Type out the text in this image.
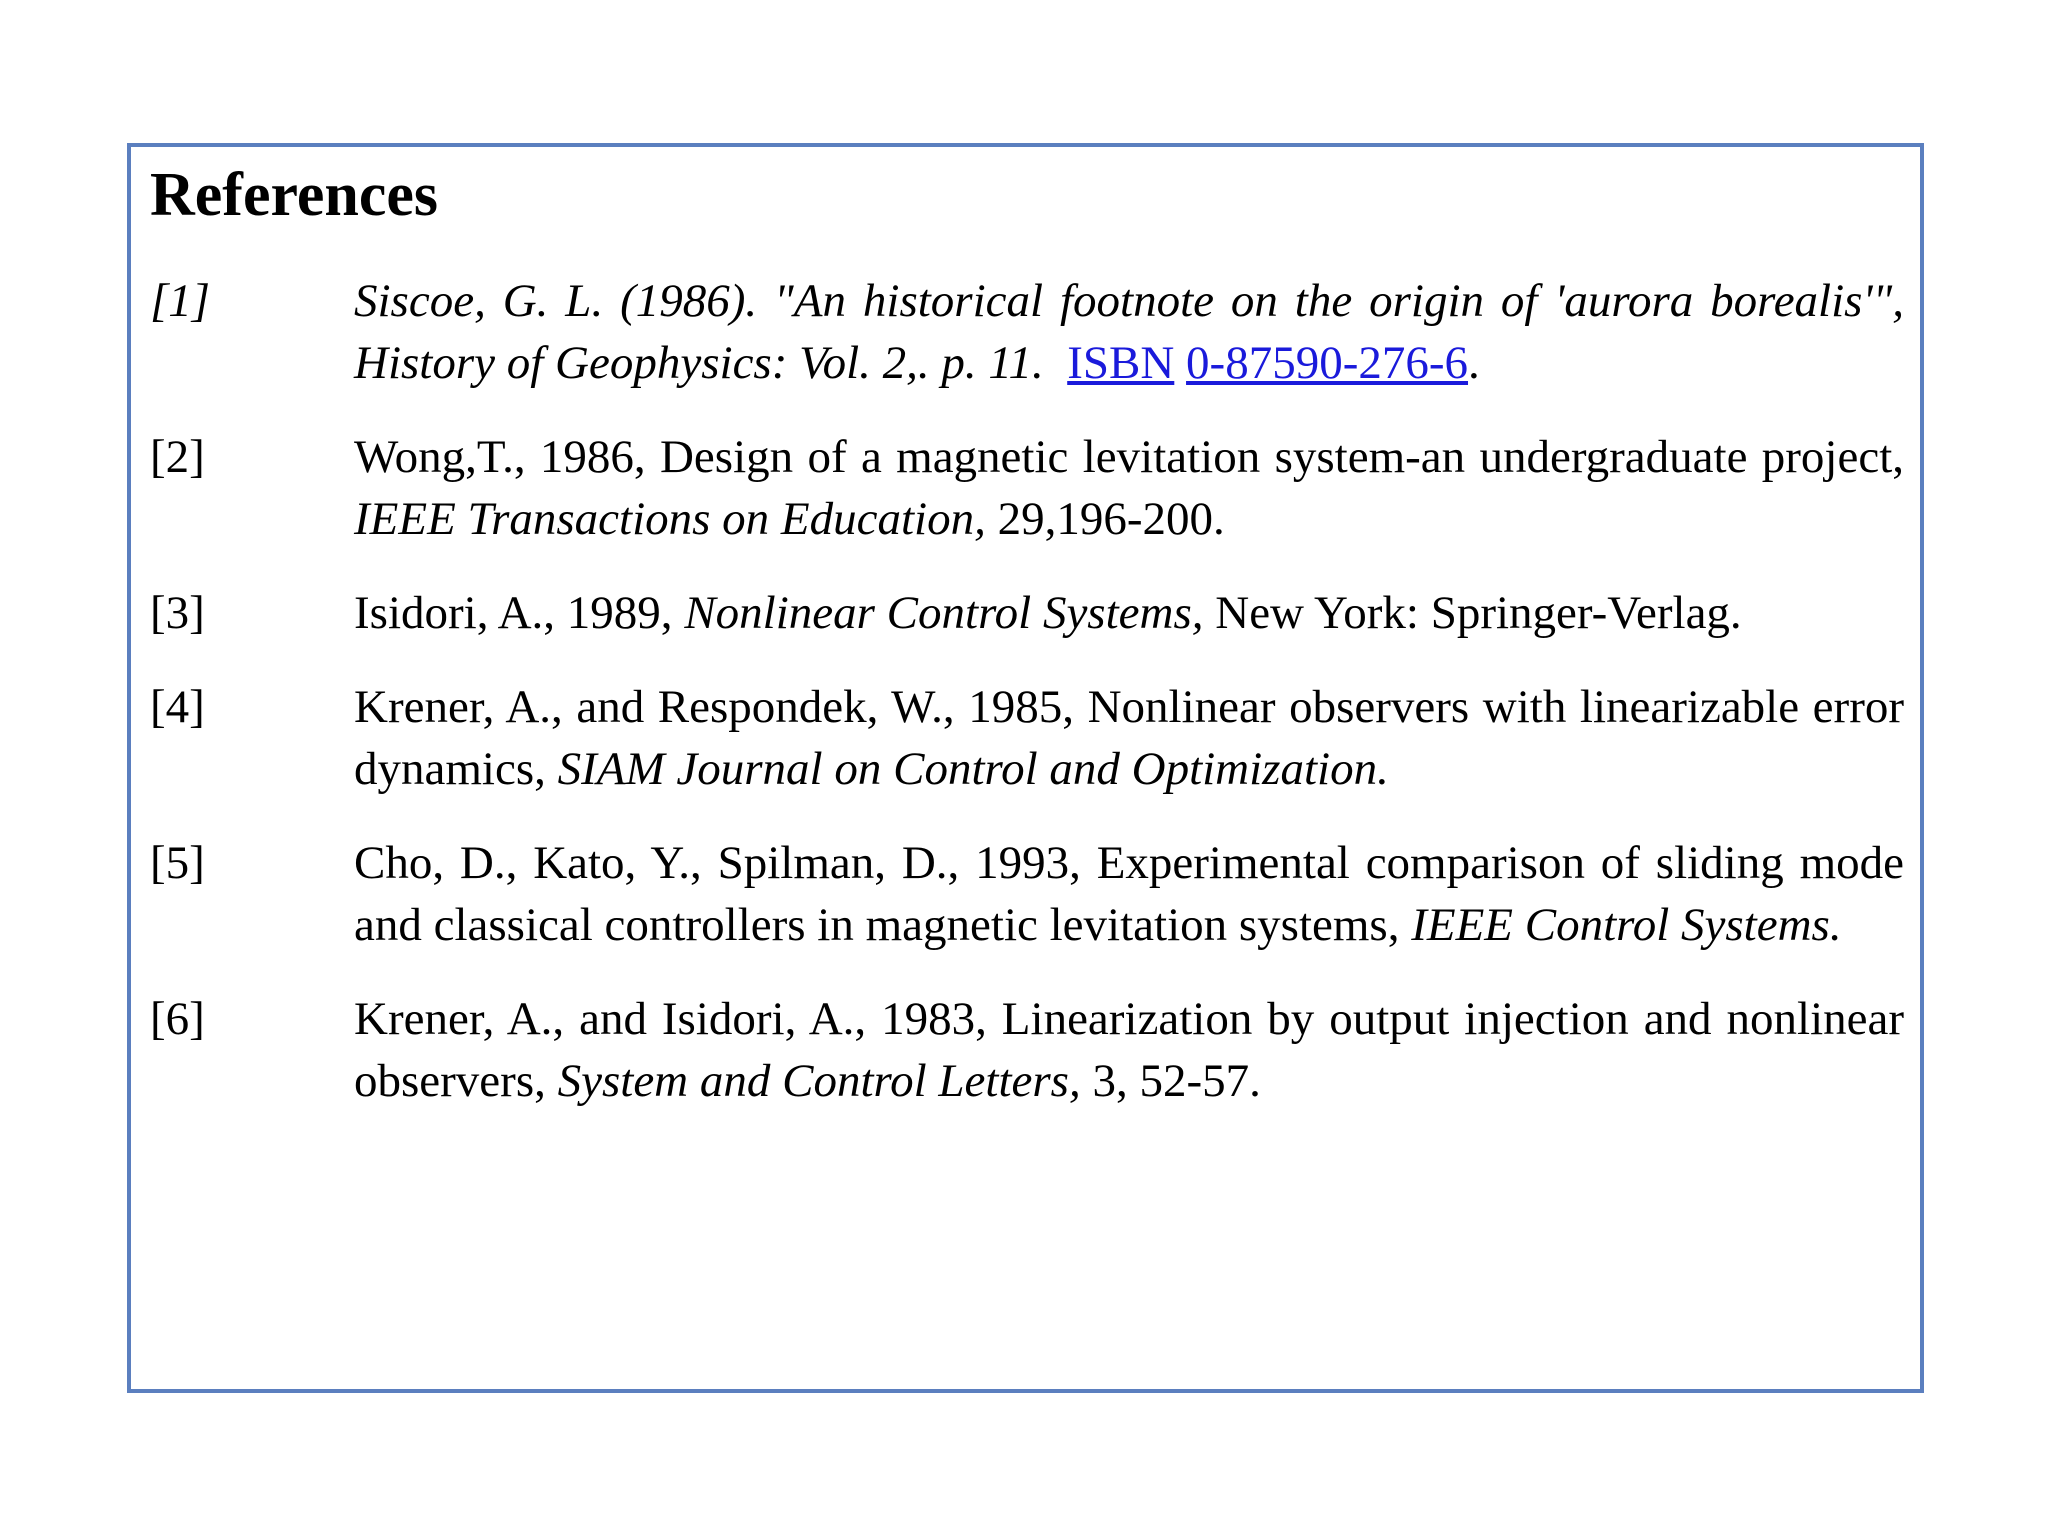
References
[1]	Siscoe, G. L. (1986). "An historical footnote on the origin of 'aurora borealis'", History of Geophysics: Vol. 2,. p. 11. ISBN 0-87590-276-6.
[2]	Wong,T., 1986, Design of a magnetic levitation system-an undergraduate project, IEEE Transactions on Education, 29,196-200.
[3]	Isidori, A., 1989, Nonlinear Control Systems, New York: Springer-Verlag.
[4]	Krener, A., and Respondek, W., 1985, Nonlinear observers with linearizable error dynamics, SIAM Journal on Control and Optimization.
[5]	Cho, D., Kato, Y., Spilman, D., 1993, Experimental comparison of sliding mode and classical controllers in magnetic levitation systems, IEEE Control Systems.
[6]	Krener, A., and Isidori, A., 1983, Linearization by output injection and nonlinear observers, System and Control Letters, 3, 52-57.
